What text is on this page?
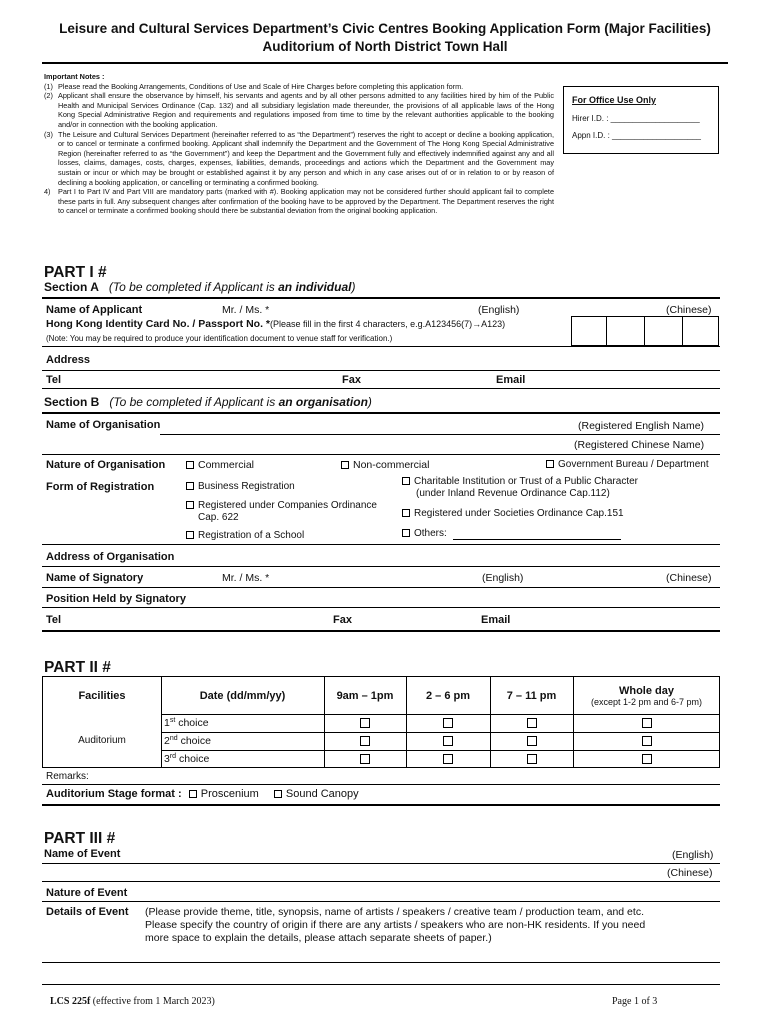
Leisure and Cultural Services Department’s Civic Centres Booking Application Form (Major Facilities)
Auditorium of North District Town Hall
Important Notes :
(1) Please read the Booking Arrangements, Conditions of Use and Scale of Hire Charges before completing this application form.
(2) Applicant shall ensure the observance by himself, his servants and agents and by all other persons admitted to any facilities hired by him of the Public Health and Municipal Services Ordinance (Cap. 132) and all subsidiary legislation made thereunder, the provisions of all applicable laws of the Hong Kong Special Administrative Region and requirements and regulations imposed from time to time by the relevant authorities applicable to the booking and/or in connection with the booking application.
(3) The Leisure and Cultural Services Department (hereinafter referred to as “the Department”) reserves the right to accept or decline a booking application, or to cancel or terminate a confirmed booking. Applicant shall indemnify the Department and the Government of The Hong Kong Special Administrative Region (hereinafter referred to as “the Government”) and keep the Department and the Government fully and effectively indemnified against any and all losses, claims, damages, costs, charges, expenses, liabilities, demands, proceedings and actions which the Department and the Government may sustain or incur or which may be brought or established against it by any person and which in any case arises out of or in relation to or by reason of declining a booking application, or cancelling or terminating a confirmed booking.
4)	Part I to Part IV and Part VIII are mandatory parts (marked with #). Booking application may not be considered further should applicant fail to complete these parts in full. Any subsequent changes after confirmation of the booking have to be approved by the Department. The Department reserves the right to cancel or terminate a confirmed booking should there be substantial deviation from the original booking application.
For Office Use Only
Hirer I.D. : ____________________
Appn I.D. : ____________________
PART I #
Section A (To be completed if Applicant is an individual)
Name of Applicant	Mr. / Ms. *	(English)	(Chinese)
Hong Kong Identity Card No. / Passport No. *(Please fill in the first 4 characters, e.g.A123456(7)→A123)
(Note: You may be required to produce your identification document to venue staff for verification.)
Address
Tel	Fax	Email
Section B (To be completed if Applicant is an organisation)
Name of Organisation	(Registered English Name)
(Registered Chinese Name)
Nature of Organisation	Commercial	Non-commercial	Government Bureau / Department
Form of Registration	Business Registration
Registered under Companies Ordinance
Cap. 622
Registration of a School
Charitable Institution or Trust of a Public Character
(under Inland Revenue Ordinance Cap.112)
Registered under Societies Ordinance Cap.151
Others:
Address of Organisation
Name of Signatory	Mr. / Ms. *	(English)	(Chinese)
Position Held by Signatory
Tel	Fax	Email
PART II #
Facilities	Date (dd/mm/yy)	9am – 1pm	2 – 6 pm	7 – 11 pm	Whole day
(except 1-2 pm and 6-7 pm)
Auditorium
1st choice
2nd choice
3rd choice
Remarks:
Auditorium Stage format : Proscenium Sound Canopy
PART III #
Name of Event	(English)
(Chinese)
Nature of Event
Details of Event (Please provide theme, title, synopsis, name of artists / speakers / creative team / production team, and etc.
Please specify the country of origin if there are any artists / speakers who are non-HK residents. If you need
more space to explain the details, please attach separate sheets of paper.)
LCS 225f (effective from 1 March 2023)	Page 1 of 3
